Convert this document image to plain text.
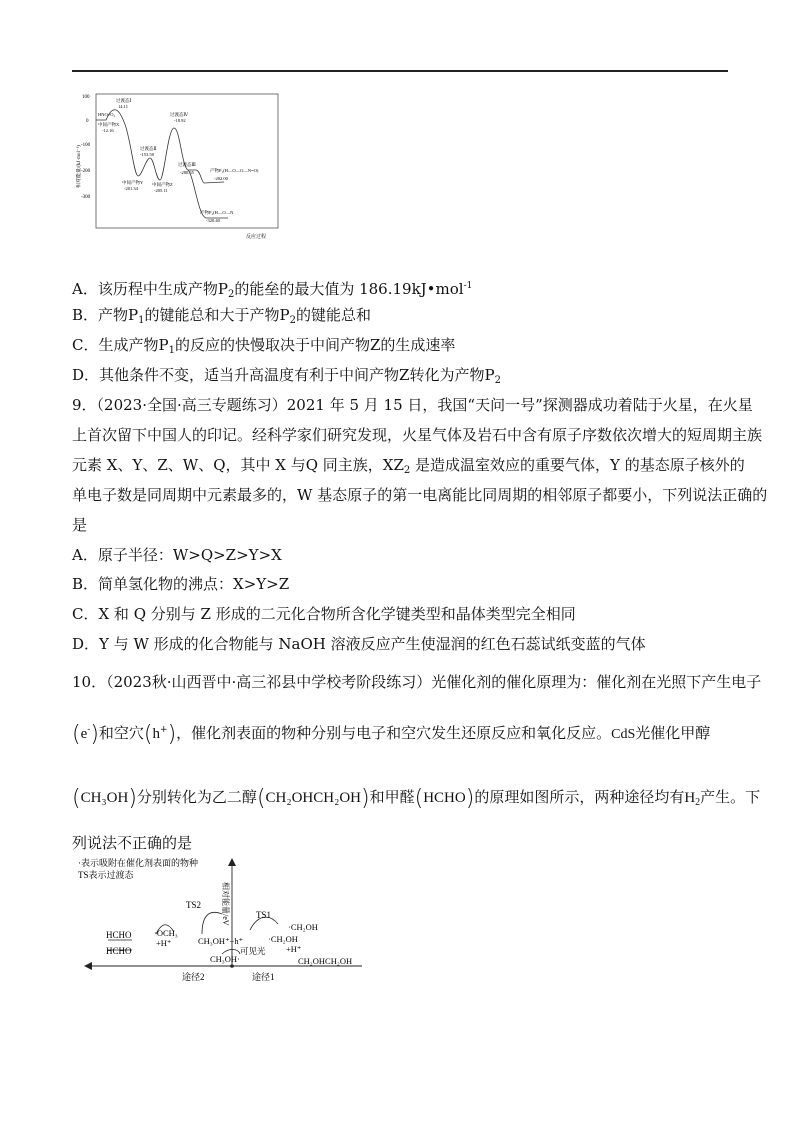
100
0
-100
-200
-300
相对能量/(kJ·mol⁻¹)
反应过程
HNO+O₂
过渡态Ⅰ
14.11
中间产物X
-12.16
过渡态Ⅱ
-153.58
中间产物Y
-201.34
中间产物Z
-205.11
过渡态Ⅳ
-18.92
过渡态Ⅲ
-280.35	产物P₁(H—O—O—N=O)
-202.00
产物P₂(H—O—N
-320.40
A．该历程中生成产物$P_2$的能垒的最大值为 186.19kJ•mol$^{-1}$
B．产物$P_1$的键能总和大于产物$P_2$的键能总和
C．生成产物$P_1$的反应的快慢取决于中间产物Z的生成速率
D．其他条件不变，适当升高温度有利于中间产物Z转化为产物$P_2$
9．（2023·全国·高三专题练习）2021 年 5 月 15 日，我国“天问一号”探测器成功着陆于火星，在火星
上首次留下中国人的印记。经科学家们研究发现，火星气体及岩石中含有原子序数依次增大的短周期主族
元素 X、Y、Z、W、Q，其中 X 与Q 同主族，$XZ_2$ 是造成温室效应的重要气体，Y 的基态原子核外的
单电子数是同周期中元素最多的，W 基态原子的第一电离能比同周期的相邻原子都要小，下列说法正确的
是
A．原子半径：W>Q>Z>Y>X
B．简单氢化物的沸点：X>Y>Z
C．X 和 Q 分别与 Z 形成的二元化合物所含化学键类型和晶体类型完全相同
D．Y 与 W 形成的化合物能与 NaOH 溶液反应产生使湿润的红色石蕊试纸变蓝的气体
10．（2023秋·山西晋中·高三祁县中学校考阶段练习）光催化剂的催化原理为：催化剂在光照下产生电子
(e-)和空穴(h+)，催化剂表面的物种分别与电子和空穴发生还原反应和氧化反应。CdS光催化甲醇
(CH₃OH)分别转化为乙二醇(CH₂OHCH₂OH)和甲醛(HCHO)的原理如图所示，两种途径均有$H_2$产生。下
列说法不正确的是
·表示吸附在催化剂表面的物种
TS表示过渡态
相对能量/eV
途径2	途径1
TS2
TS1
HCHO
HCHO
·OCH₃
+H⁺	CH₃OH⁺−h⁺
可见光
CH₃OH·
·CH₂OH
·CH₂OH
+H⁺
CH₂OHCH₂OH
